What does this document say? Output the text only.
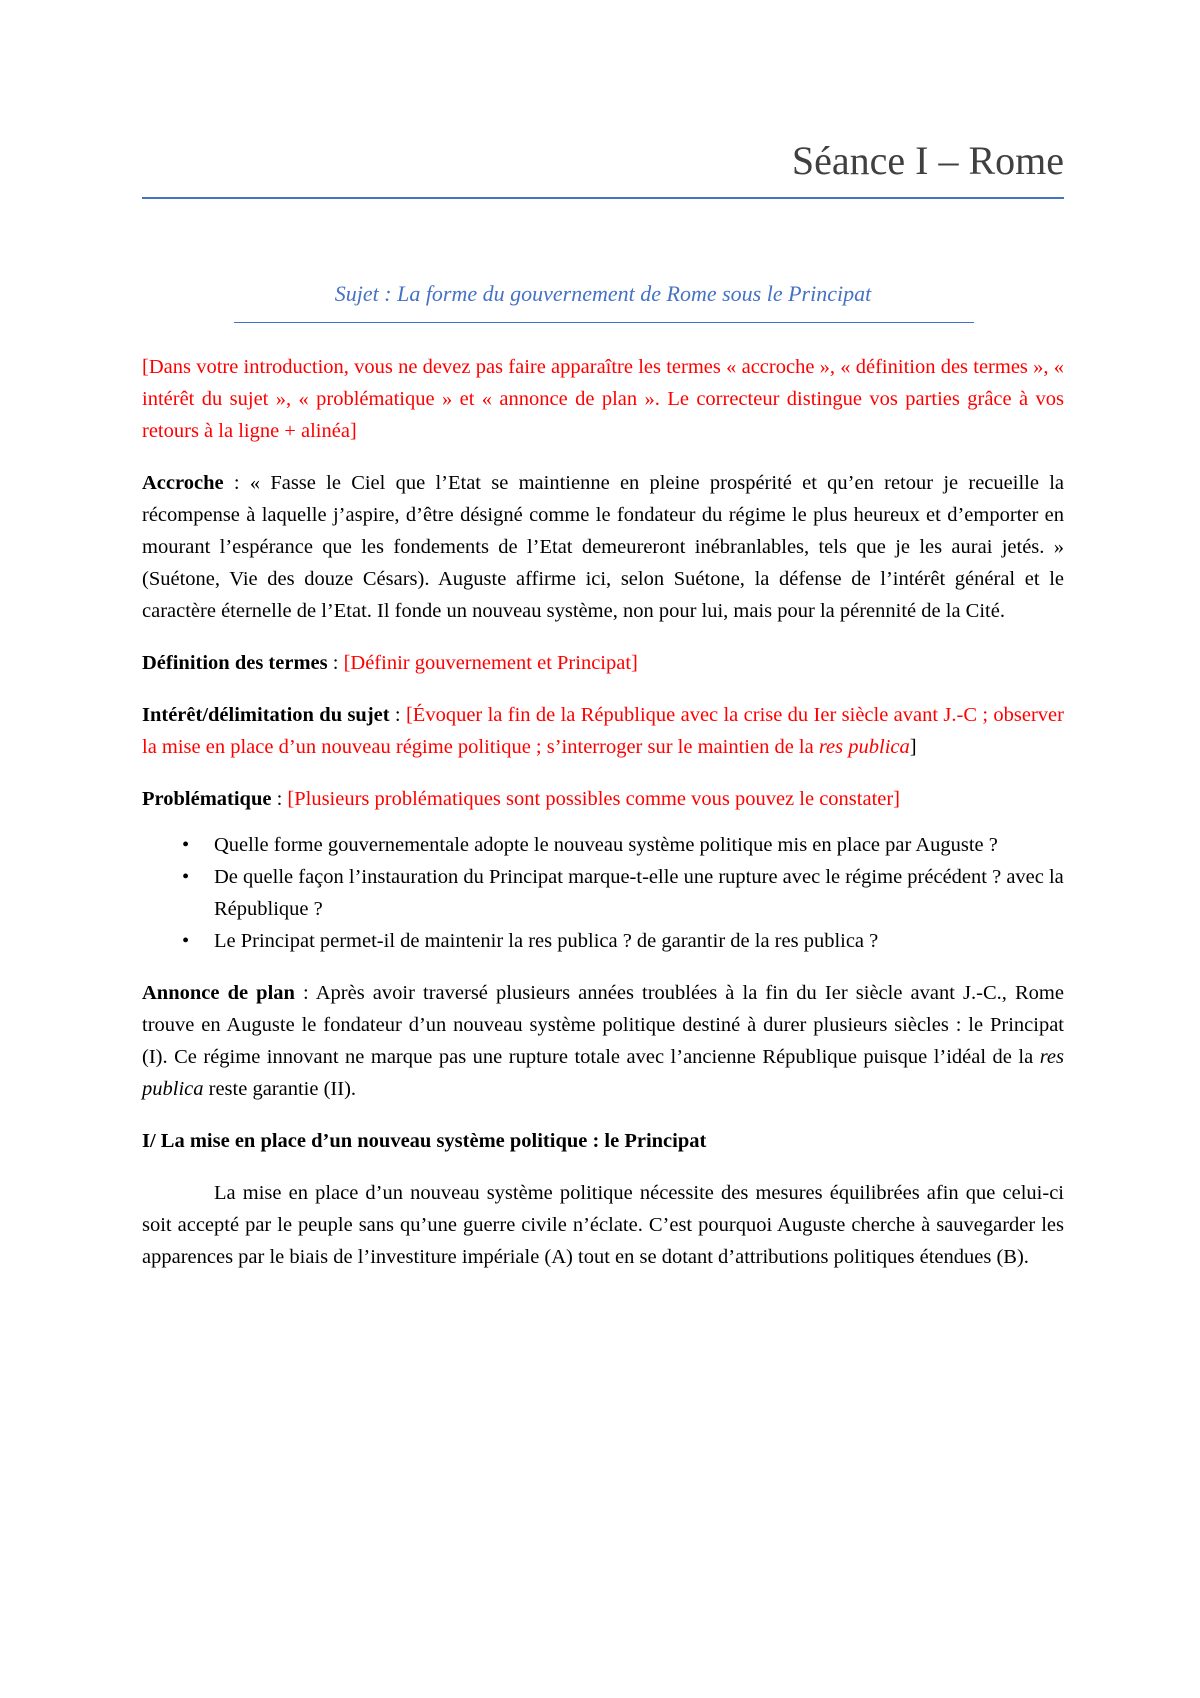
Séance I – Rome
Sujet : La forme du gouvernement de Rome sous le Principat

[Dans votre introduction, vous ne devez pas faire apparaître les termes « accroche », « définition des termes », « intérêt du sujet », « problématique » et « annonce de plan ». Le correcteur distingue vos parties grâce à vos retours à la ligne + alinéa]

Accroche : « Fasse le Ciel que l’Etat se maintienne en pleine prospérité et qu’en retour je recueille la récompense à laquelle j’aspire, d’être désigné comme le fondateur du régime le plus heureux et d’emporter en mourant l’espérance que les fondements de l’Etat demeureront inébranlables, tels que je les aurai jetés. » (Suétone, Vie des douze Césars). Auguste affirme ici, selon Suétone, la défense de l’intérêt général et le caractère éternelle de l’Etat. Il fonde un nouveau système, non pour lui, mais pour la pérennité de la Cité.

Définition des termes : [Définir gouvernement et Principat]

Intérêt/délimitation du sujet : [Évoquer la fin de la République avec la crise du Ier siècle avant J.-C ; observer la mise en place d’un nouveau régime politique ; s’interroger sur le maintien de la res publica]

Problématique : [Plusieurs problématiques sont possibles comme vous pouvez le constater]

• Quelle forme gouvernementale adopte le nouveau système politique mis en place par Auguste ?
• De quelle façon l’instauration du Principat marque-t-elle une rupture avec le régime précédent ? avec la République ?
• Le Principat permet-il de maintenir la res publica ? de garantir de la res publica ?

Annonce de plan : Après avoir traversé plusieurs années troublées à la fin du Ier siècle avant J.-C., Rome trouve en Auguste le fondateur d’un nouveau système politique destiné à durer plusieurs siècles : le Principat (I). Ce régime innovant ne marque pas une rupture totale avec l’ancienne République puisque l’idéal de la res publica reste garantie (II).

I/ La mise en place d’un nouveau système politique : le Principat

La mise en place d’un nouveau système politique nécessite des mesures équilibrées afin que celui-ci soit accepté par le peuple sans qu’une guerre civile n’éclate. C’est pourquoi Auguste cherche à sauvegarder les apparences par le biais de l’investiture impériale (A) tout en se dotant d’attributions politiques étendues (B).
